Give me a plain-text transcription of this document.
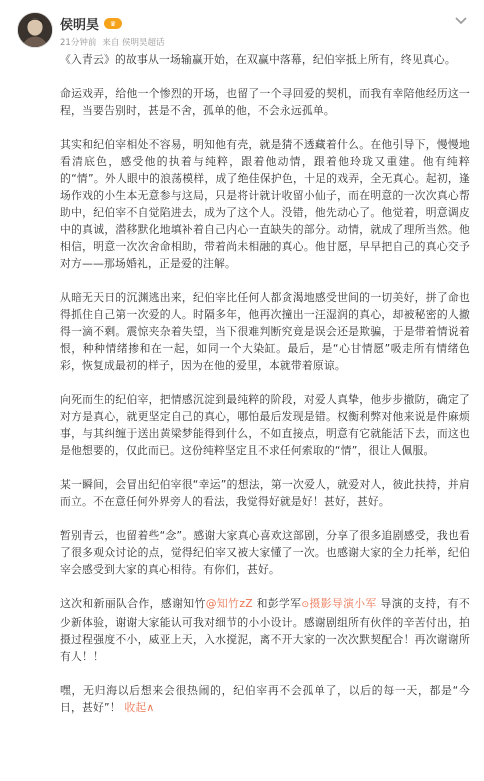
侯明昊	♛
21分钟前 来自 侯明昊超话

《入青云》的故事从一场输赢开始，在双赢中落幕，纪伯宰抵上所有，终见真心。

命运戏弄，给他一个惨烈的开场，也留了一个寻回爱的契机，而我有幸陪他经历这一程，当要告别时，甚是不舍，孤单的他，不会永远孤单。

其实和纪伯宰相处不容易，明知他有壳，就是猜不透藏着什么。在他引导下，慢慢地看清底色，感受他的执着与纯粹，跟着他动情，跟着他玲珑又重建。他有纯粹的“情”。外人眼中的浪荡模样，成了绝佳保护色，十足的戏弄，全无真心。起初，逢场作戏的小生本无意参与这局，只是将计就计收留小仙子，而在明意的一次次真心帮助中，纪伯宰不自觉陷进去，成为了这个人。没错，他先动心了。他觉着，明意调皮中的真诚，潜移默化地填补着自己内心一直缺失的部分。动情，就成了理所当然。他相信，明意一次次舍命相助，带着尚未相融的真心。他甘愿，早早把自己的真心交予对方——那场婚礼，正是爱的注解。

从暗无天日的沉渊逃出来，纪伯宰比任何人都贪渴地感受世间的一切美好，拼了命也得抓住自己第一次爱的人。时隔多年，他再次撞出一汪湿润的真心，却被秘密的人撤得一滴不剩。震惊夹杂着失望，当下很难判断究竟是误会还是欺骗，于是带着情说着恨，种种情绪掺和在一起，如同一个大染缸。最后，是“心甘情愿”吸走所有情绪色彩，恢复成最初的样子，因为在他的爱里，本就带着原谅。

向死而生的纪伯宰，把情感沉淀到最纯粹的阶段，对爱人真挚，他步步撤防，确定了对方是真心，就更坚定自己的真心，哪怕最后发现是错。权衡利弊对他来说是件麻烦事，与其纠缠于送出黄梁梦能得到什么，不如直接点，明意有它就能活下去，而这也是他想要的，仅此而已。这份纯粹坚定且不求任何索取的“情”，很让人佩服。

某一瞬间，会冒出纪伯宰很“幸运”的想法，第一次爱人，就爱对人，彼此扶持，并肩而立。不在意任何外界旁人的看法，我觉得好就是好！甚好，甚好。

暂别青云，也留着些“念”。感谢大家真心喜欢这部剧，分享了很多追剧感受，我也看了很多观众讨论的点，觉得纪伯宰又被大家懂了一次。也感谢大家的全力托举，纪伯宰会感受到大家的真心相待。有你们，甚好。

这次和新丽队合作，感谢知竹@知竹zZ 和彭学军⊙摄影导演小军 导演的支持，有不少新体验，谢谢大家能认可我对细节的小小设计。感谢剧组所有伙伴的辛苦付出，拍摄过程强度不小，威亚上天，入水搅泥，离不开大家的一次次默契配合！再次谢谢所有人！！

嘿，无归海以后想来会很热闹的，纪伯宰再不会孤单了，以后的每一天，都是“今日，甚好”！ 收起∧
